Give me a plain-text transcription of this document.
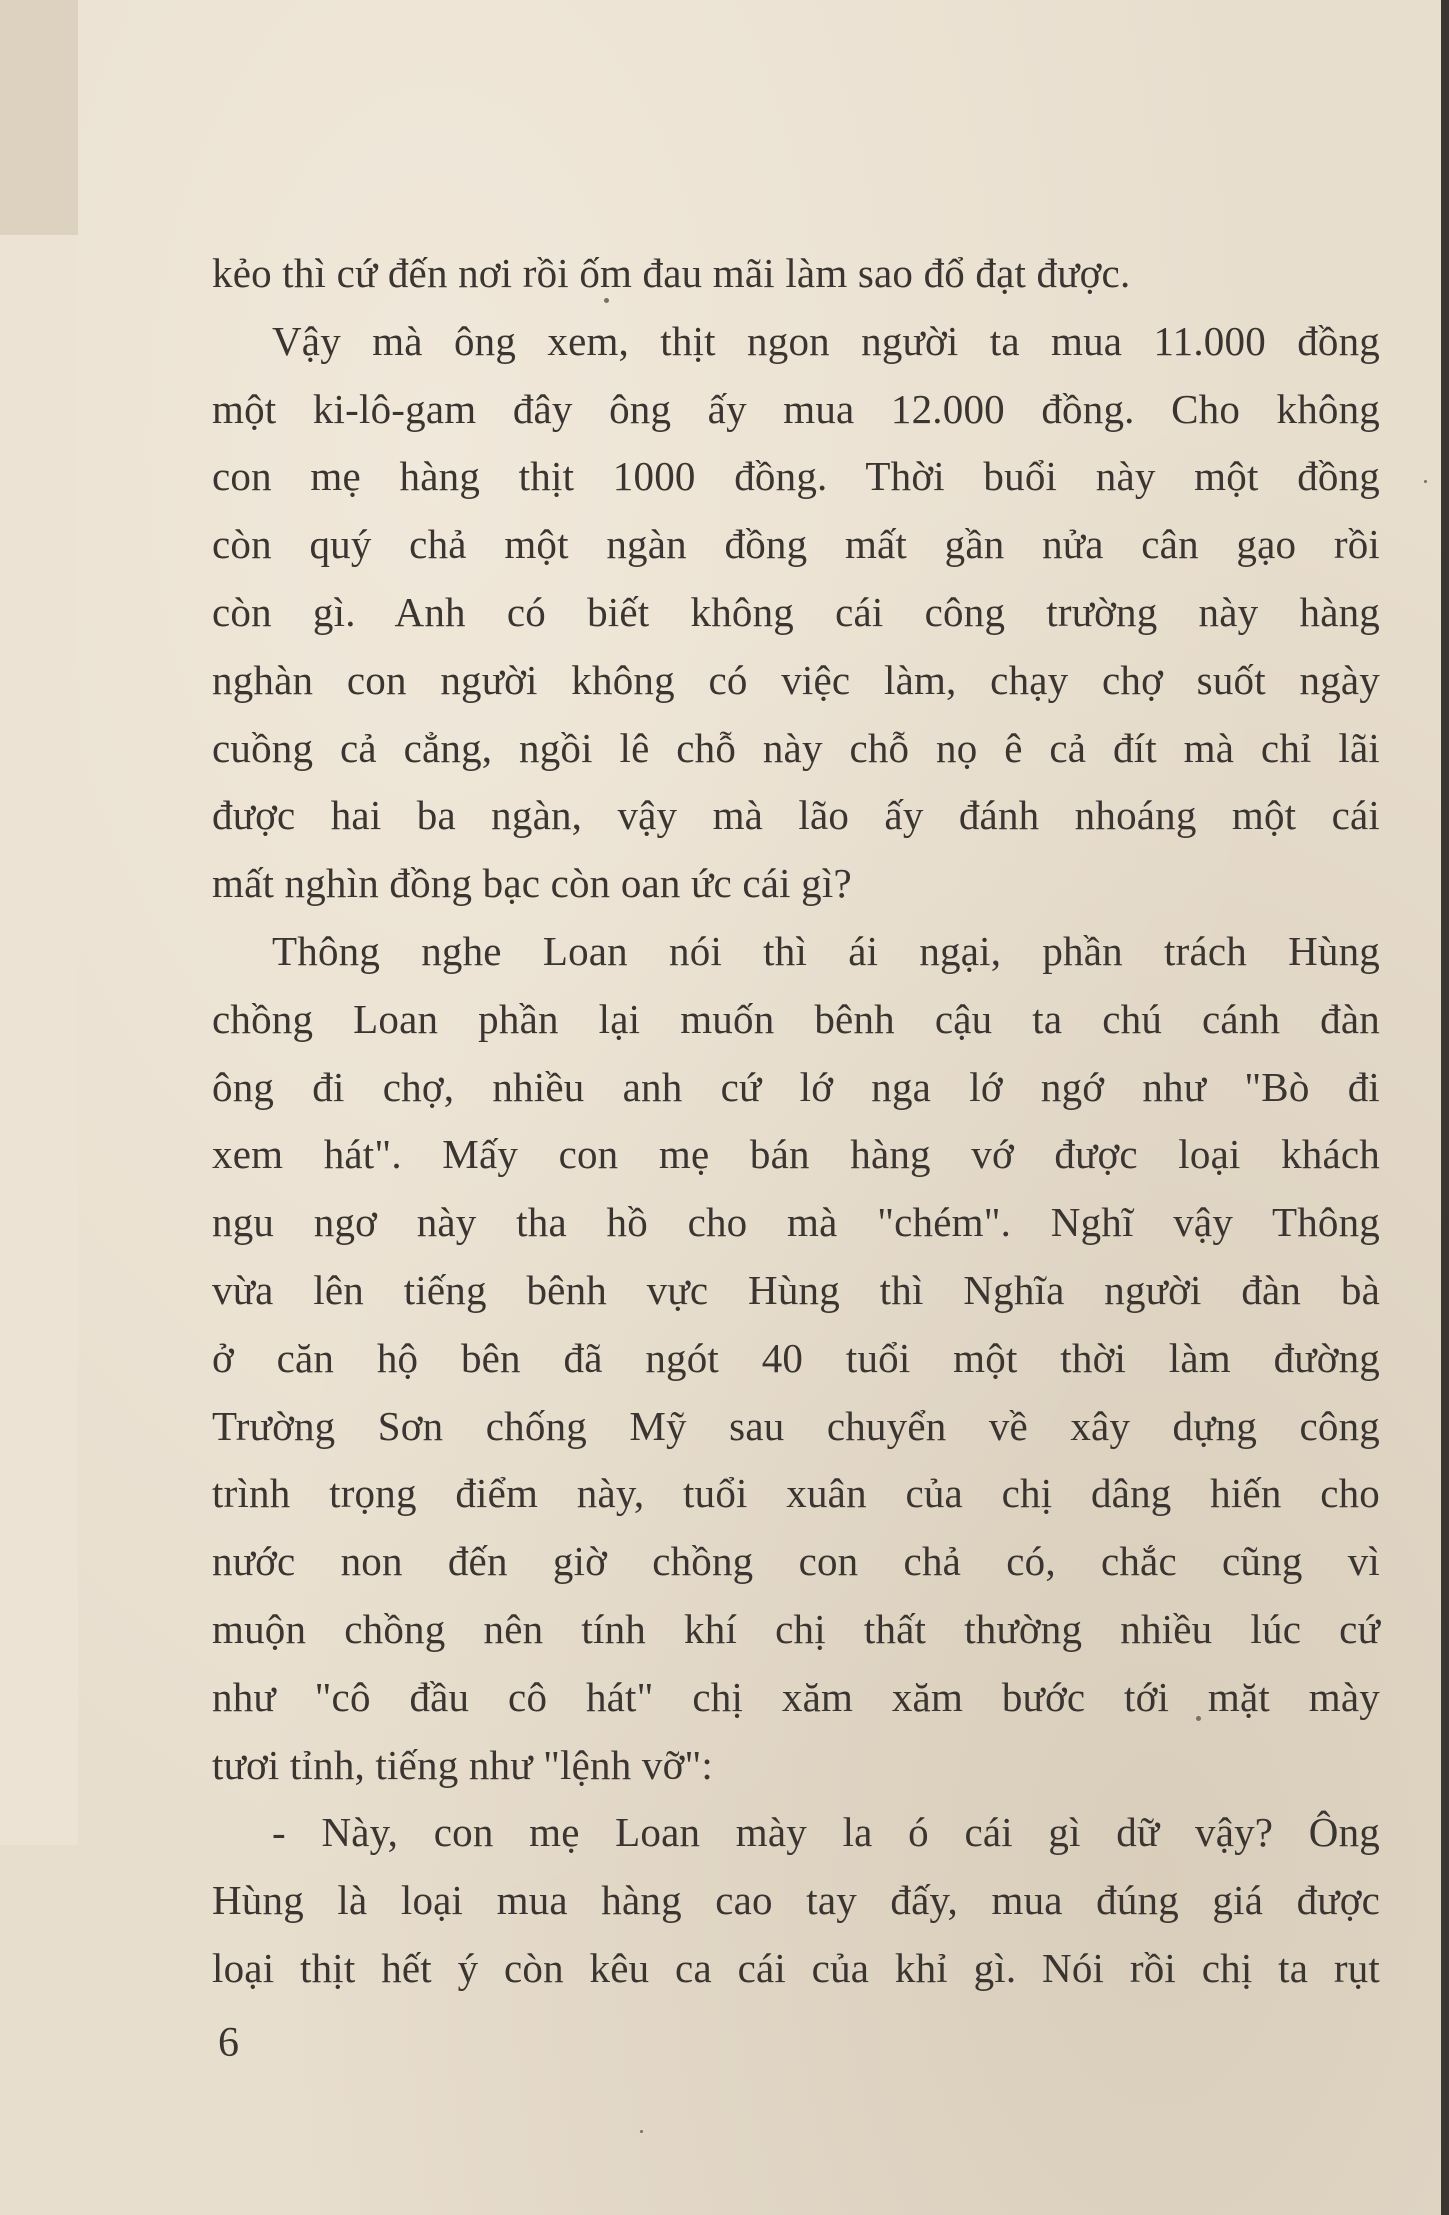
kẻo thì cứ đến nơi rồi ốm đau mãi làm sao đổ đạt được.
Vậy mà ông xem, thịt ngon người ta mua 11.000 đồng
một ki-lô-gam đây ông ấy mua 12.000 đồng. Cho không
con mẹ hàng thịt 1000 đồng. Thời buổi này một đồng
còn quý chả một ngàn đồng mất gần nửa cân gạo rồi
còn gì. Anh có biết không cái công trường này hàng
nghàn con người không có việc làm, chạy chợ suốt ngày
cuồng cả cẳng, ngồi lê chỗ này chỗ nọ ê cả đít mà chỉ lãi
được hai ba ngàn, vậy mà lão ấy đánh nhoáng một cái
mất nghìn đồng bạc còn oan ức cái gì?
Thông nghe Loan nói thì ái ngại, phần trách Hùng
chồng Loan phần lại muốn bênh cậu ta chú cánh đàn
ông đi chợ, nhiều anh cứ lớ nga lớ ngớ như "Bò đi
xem hát". Mấy con mẹ bán hàng vớ được loại khách
ngu ngơ này tha hồ cho mà "chém". Nghĩ vậy Thông
vừa lên tiếng bênh vực Hùng thì Nghĩa người đàn bà
ở căn hộ bên đã ngót 40 tuổi một thời làm đường
Trường Sơn chống Mỹ sau chuyển về xây dựng công
trình trọng điểm này, tuổi xuân của chị dâng hiến cho
nước non đến giờ chồng con chả có, chắc cũng vì
muộn chồng nên tính khí chị thất thường nhiều lúc cứ
như "cô đầu cô hát" chị xăm xăm bước tới mặt mày
tươi tỉnh, tiếng như "lệnh vỡ":
- Này, con mẹ Loan mày la ó cái gì dữ vậy? Ông
Hùng là loại mua hàng cao tay đấy, mua đúng giá được
loại thịt hết ý còn kêu ca cái của khỉ gì. Nói rồi chị ta rụt
6
